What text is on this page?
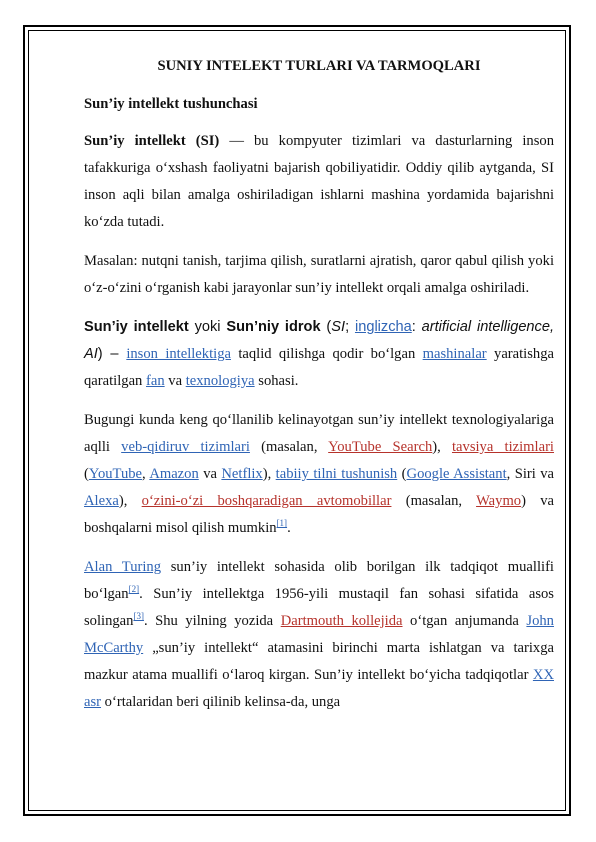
SUNIY INTELEKT TURLARI VA TARMOQLARI
Sun’iy intellekt tushunchasi

Sun’iy intellekt (SI) — bu kompyuter tizimlari va dasturlarning inson tafakkuriga o‘xshash faoliyatni bajarish qobiliyatidir. Oddiy qilib aytganda, SI inson aqli bilan amalga oshiriladigan ishlarni mashina yordamida bajarishni ko‘zda tutadi.

Masalan: nutqni tanish, tarjima qilish, suratlarni ajratish, qaror qabul qilish yoki o‘z-o‘zini o‘rganish kabi jarayonlar sun’iy intellekt orqali amalga oshiriladi.

Sun’iy intellekt yoki Sun’niy idrok (SI; inglizcha: artificial intelligence, AI) – inson intellektiga taqlid qilishga qodir bo‘lgan mashinalar yaratishga qaratilgan fan va texnologiya sohasi.

Bugungi kunda keng qo‘llanilib kelinayotgan sun’iy intellekt texnologiyalariga aqlli veb-qidiruv tizimlari (masalan, YouTube Search), tavsiya tizimlari (YouTube, Amazon va Netflix), tabiiy tilni tushunish (Google Assistant, Siri va Alexa), o‘zini-o‘zi boshqaradigan avtomobillar (masalan, Waymo) va boshqalarni misol qilish mumkin[1].

Alan Turing sun’iy intellekt sohasida olib borilgan ilk tadqiqot muallifi bo‘lgan[2]. Sun’iy intellektga 1956-yili mustaqil fan sohasi sifatida asos solingan[3]. Shu yilning yozida Dartmouth kollejida o‘tgan anjumanda John McCarthy „sun’iy intellekt“ atamasini birinchi marta ishlatgan va tarixga mazkur atama muallifi o‘laroq kirgan. Sun’iy intellekt bo‘yicha tadqiqotlar XX asr o‘rtalaridan beri qilinib kelinsa-da, unga
